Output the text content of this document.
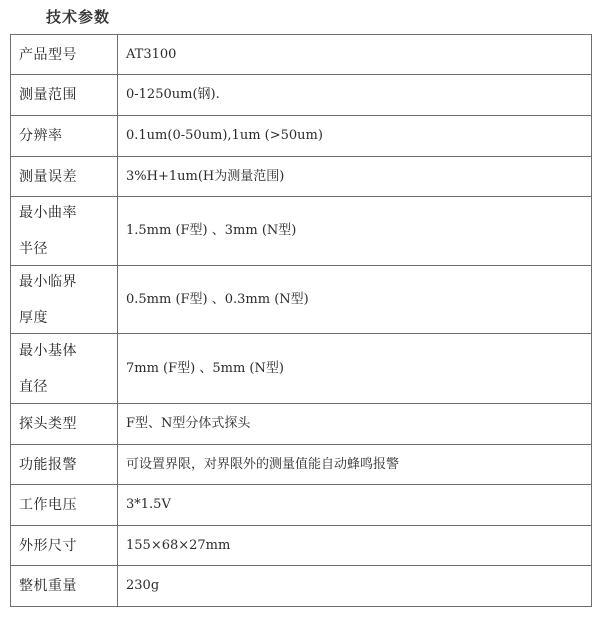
技术参数
产品型号	AT3100
测量范围	0-1250um(钢).
分辨率	0.1um(0-50um),1um (>50um)
测量误差	3%H+1um(H为测量范围)

最小曲率
半径	1.5mm (F型) 、3mm (N型)

最小临界
厚度	0.5mm (F型) 、0.3mm (N型)

最小基体
直径	7mm (F型) 、5mm (N型)
探头类型	F型、N型分体式探头
功能报警	可设置界限，对界限外的测量值能自动蜂鸣报警
工作电压	3*1.5V
外形尺寸	155×68×27mm
整机重量	230g
